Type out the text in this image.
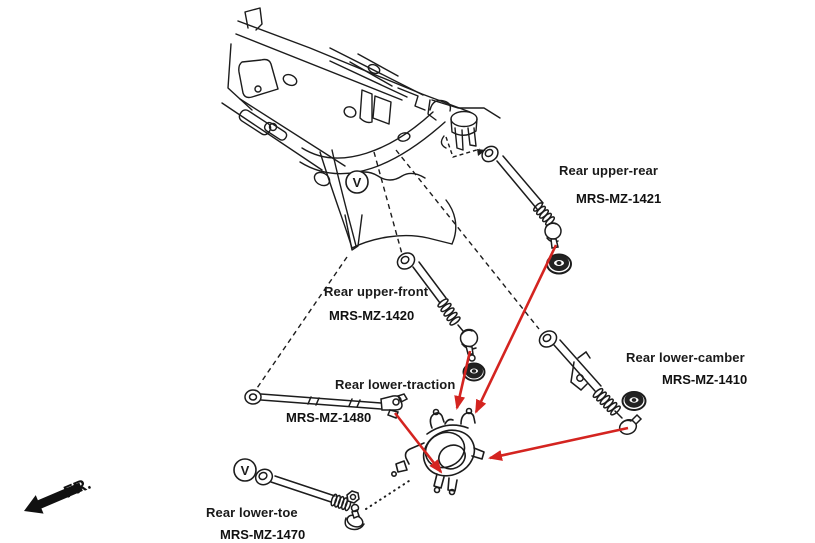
V
V
FR.
Rear upper-rear
MRS-MZ-1421
Rear upper-front
MRS-MZ-1420
Rear lower-camber
MRS-MZ-1410
Rear lower-traction
MRS-MZ-1480
Rear lower-toe
MRS-MZ-1470
